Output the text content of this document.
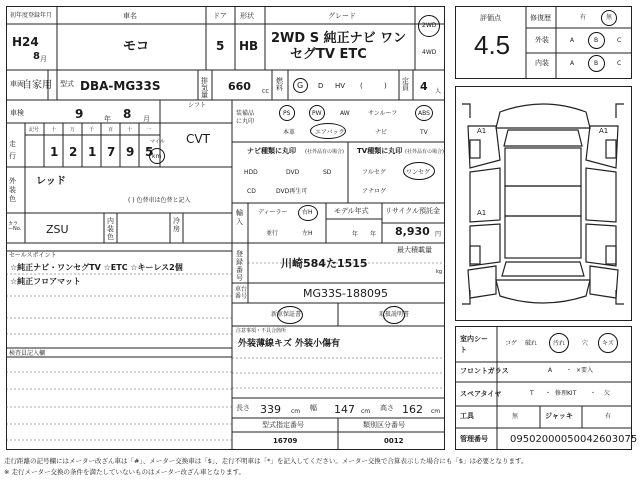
初年度登録年月
H24
8 月
車名
モコ
ドア
5
形状
HB
グレード
2WD S 純正ナビ ワン
セグTV ETC
2WD
4WD
車両
自家用 型式 DBA-MG33S	排気量
660 CC
燃料 G D HV (	)
定員 4 人
車検	9	年 8 月
シフト
CVT
走行
記号 十	万	千	百	十	一
1 2 1 7 9 5
マイル
km
外装色
レッド
( ) 色替車は色替と記入
カラーNo. ZSU
内装色
冷房
セールスポイント
☆純正ナビ・ワンセグTV ☆ETC ☆キーレス2個
☆純正フロアマット
検査員記入欄
装備品に丸印
PS	PW	AW	サンルーフ	ABS
本革	エアバック	ナビ	TV
ナビ種類に丸印 (社外品有の場合)
HDD	DVD	SD
CD	DVD再生可
TV種類に丸印 (社外品有の場合)
フルセグ	ワンセグ
アナログ
輸入
ディーラー 右H
並行	左H
モデル年式
年 年
リサイクル預託金
8,930 円
最大積載量
kg
登録番号
川崎584た1515
車台番号	MG33S-188095
新車保証書	取扱説明書
注意事項・不具合箇所
外装薄線キズ 外装小傷有
長さ 339 cm 幅 147 cm 高さ 162 cm
型式指定番号
16709
類別区分番号
0012
評価点
4.5
修復歴	有	無
外装	A	B	C
内装	A	B	C
A1	A1
A1
室内シート
コゲ 破れ	汚れ	穴 キズ
フロントガラス	A ・ ×要入
スペアタイヤ	T ・ 修理KIT ・ 欠
工具	無	ジャッキ	有
管理番号 09502000050042603075
走行距離の記号欄にはメーター改ざん車は「#」、メーター交換車は「$」、走行不明車は「*」を記入してください。メーター交換で合算表示した場合にも「$」は必要となります。
※ 走行メーター交換の条件を満たしていないものはメーター改ざん車となります。
